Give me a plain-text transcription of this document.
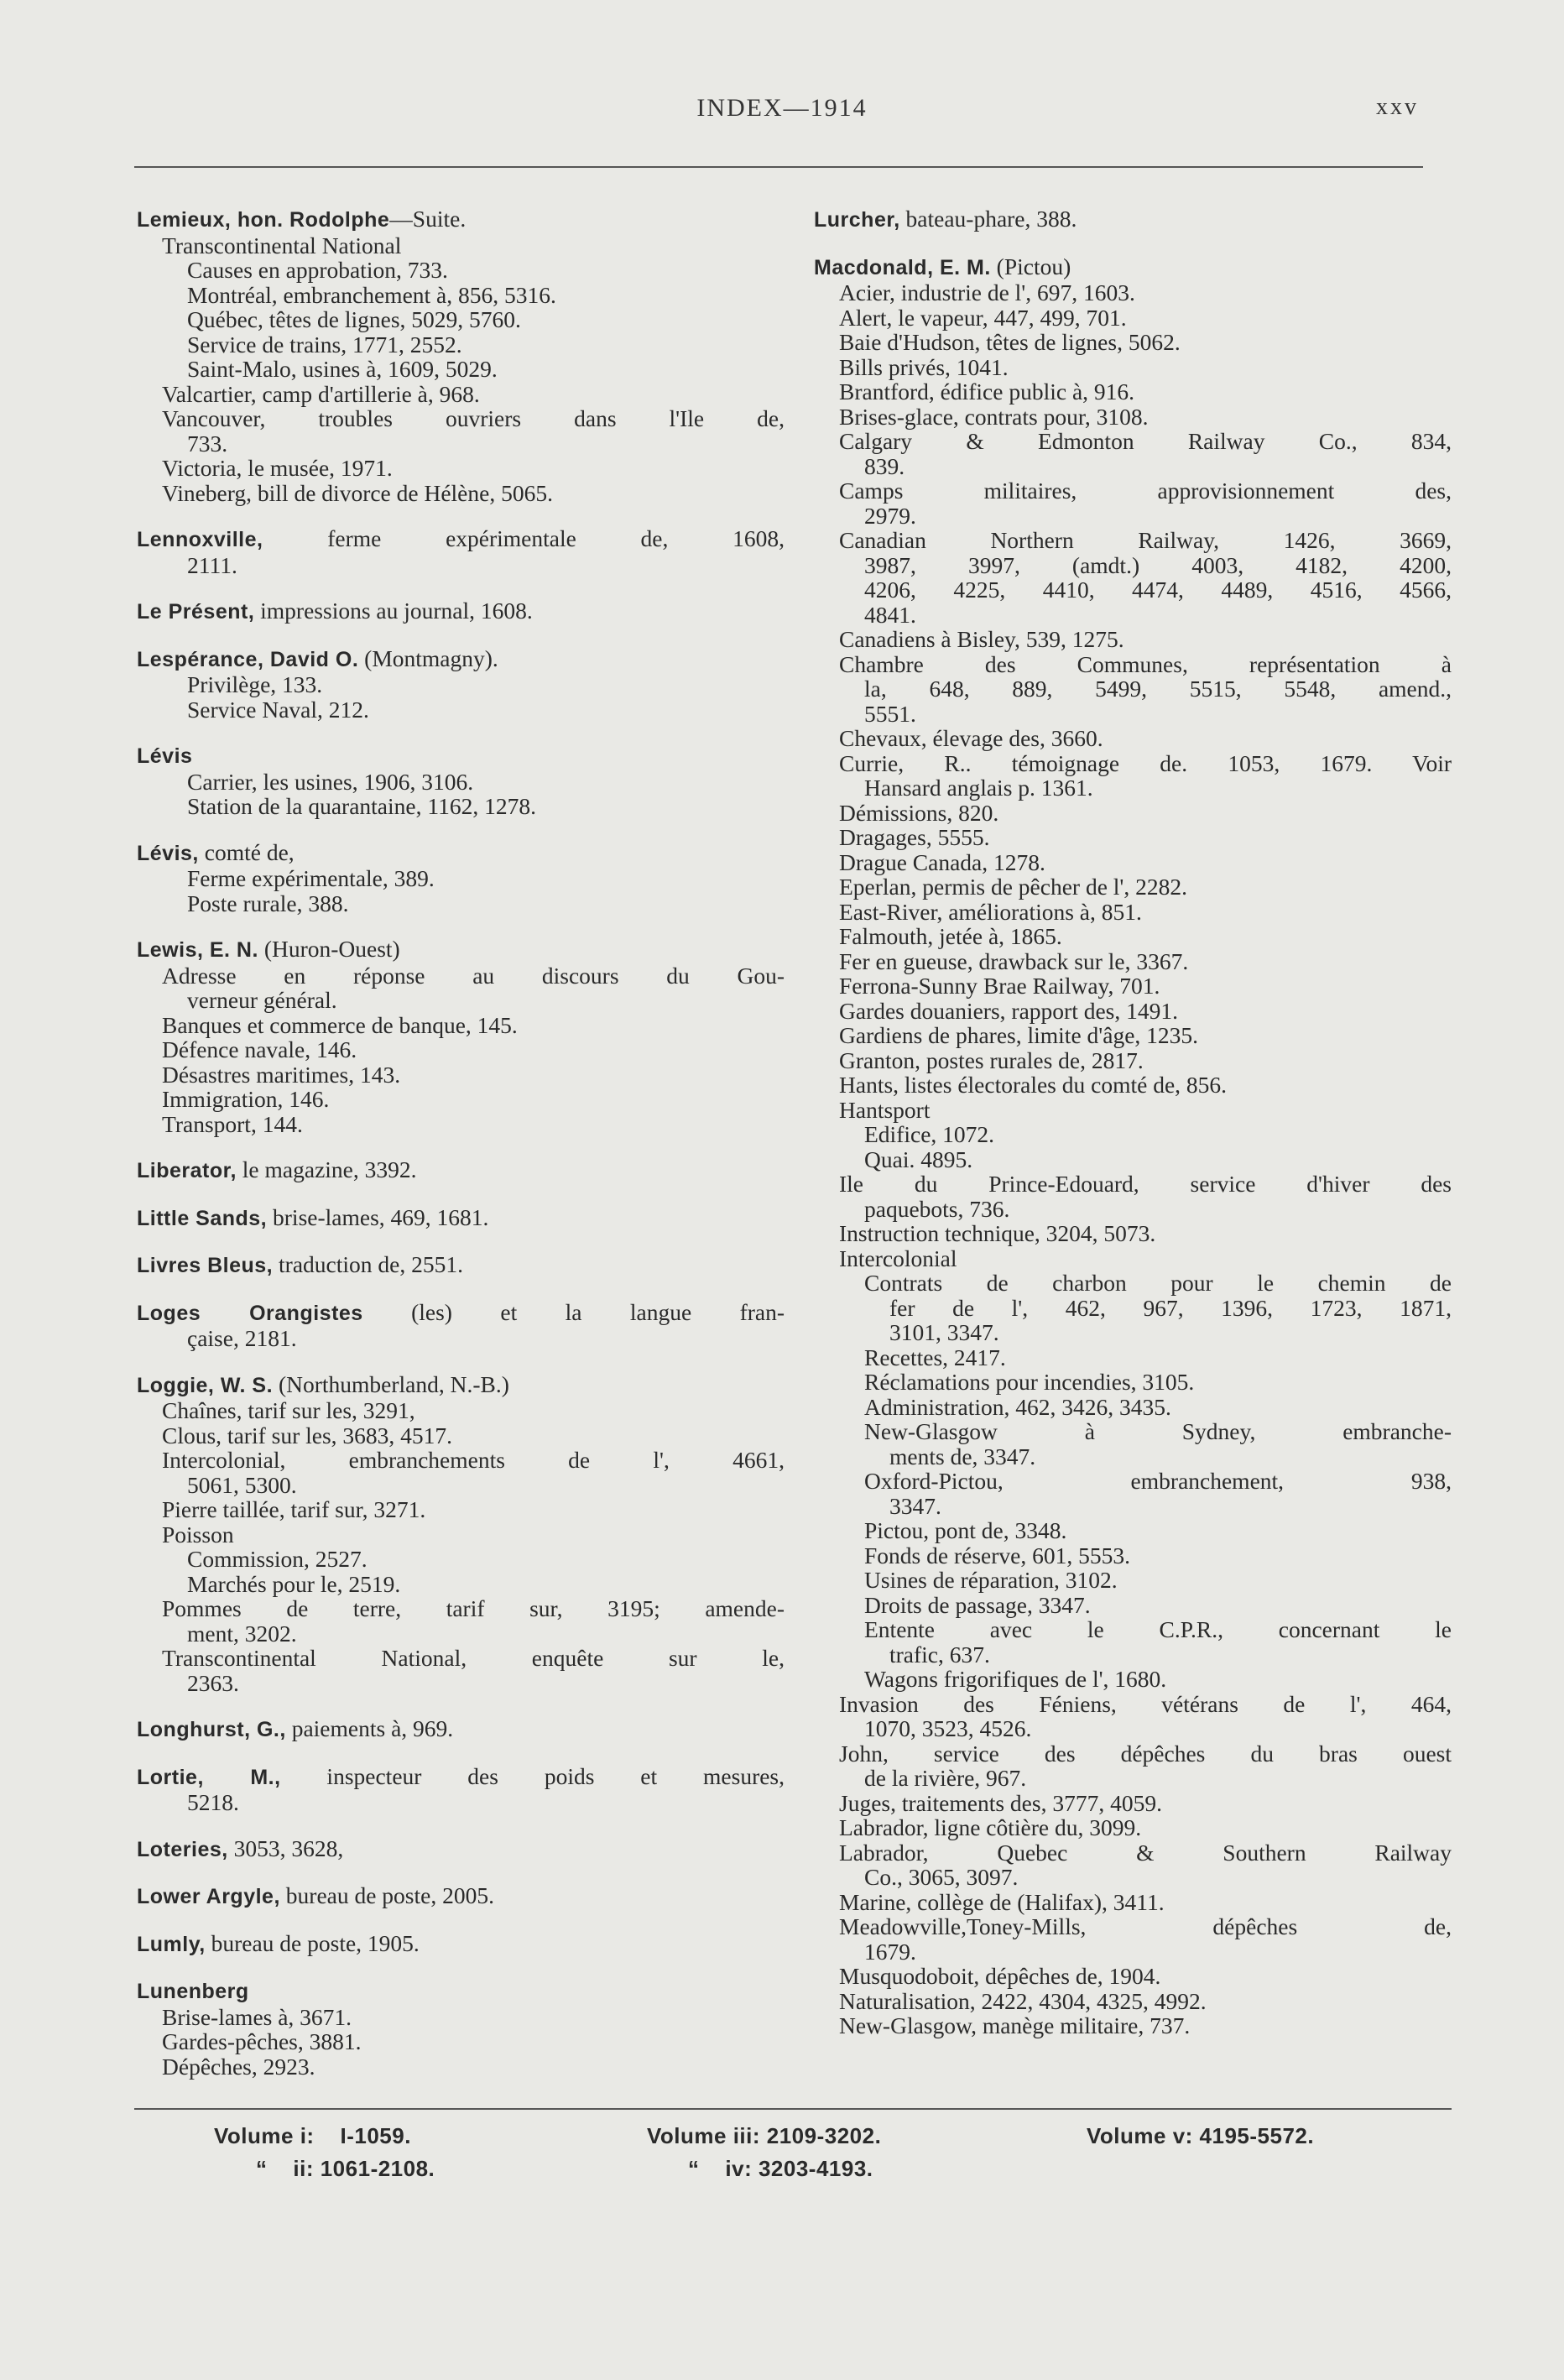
INDEX—1914	xxv
Lemieux, hon. Rodolphe—Suite.
Transcontinental National
Causes en approbation, 733.
Montréal, embranchement à, 856, 5316.
Québec, têtes de lignes, 5029, 5760.
Service de trains, 1771, 2552.
Saint-Malo, usines à, 1609, 5029.
Valcartier, camp d'artillerie à, 968.
Vancouver, troubles ouvriers dans l'Ile de,
733.
Victoria, le musée, 1971.
Vineberg, bill de divorce de Hélène, 5065.
Lennoxville, ferme expérimentale de, 1608,
2111.
Le Présent, impressions au journal, 1608.
Lespérance, David O. (Montmagny).
Privilège, 133.
Service Naval, 212.
Lévis
Carrier, les usines, 1906, 3106.
Station de la quarantaine, 1162, 1278.
Lévis, comté de,
Ferme expérimentale, 389.
Poste rurale, 388.
Lewis, E. N. (Huron-Ouest)
Adresse en réponse au discours du Gou-
verneur général.
Banques et commerce de banque, 145.
Défence navale, 146.
Désastres maritimes, 143.
Immigration, 146.
Transport, 144.
Liberator, le magazine, 3392.
Little Sands, brise-lames, 469, 1681.
Livres Bleus, traduction de, 2551.
Loges Orangistes (les) et la langue fran-
çaise, 2181.
Loggie, W. S. (Northumberland, N.-B.)
Chaînes, tarif sur les, 3291,
Clous, tarif sur les, 3683, 4517.
Intercolonial, embranchements de l', 4661,
5061, 5300.
Pierre taillée, tarif sur, 3271.
Poisson
Commission, 2527.
Marchés pour le, 2519.
Pommes de terre, tarif sur, 3195; amende-
ment, 3202.
Transcontinental National, enquête sur le,
2363.
Longhurst, G., paiements à, 969.
Lortie, M., inspecteur des poids et mesures,
5218.
Loteries, 3053, 3628,
Lower Argyle, bureau de poste, 2005.
Lumly, bureau de poste, 1905.
Lunenberg
Brise-lames à, 3671.
Gardes-pêches, 3881.
Dépêches, 2923.
Lurcher, bateau-phare, 388.
Macdonald, E. M. (Pictou)
Acier, industrie de l', 697, 1603.
Alert, le vapeur, 447, 499, 701.
Baie d'Hudson, têtes de lignes, 5062.
Bills privés, 1041.
Brantford, édifice public à, 916.
Brises-glace, contrats pour, 3108.
Calgary & Edmonton Railway Co., 834,
839.
Camps militaires, approvisionnement des,
2979.
Canadian Northern Railway, 1426, 3669,
3987, 3997, (amdt.) 4003, 4182, 4200,
4206, 4225, 4410, 4474, 4489, 4516, 4566,
4841.
Canadiens à Bisley, 539, 1275.
Chambre des Communes, représentation à
la, 648, 889, 5499, 5515, 5548, amend.,
5551.
Chevaux, élevage des, 3660.
Currie, R.. témoignage de. 1053, 1679. Voir
Hansard anglais p. 1361.
Démissions, 820.
Dragages, 5555.
Drague Canada, 1278.
Eperlan, permis de pêcher de l', 2282.
East-River, améliorations à, 851.
Falmouth, jetée à, 1865.
Fer en gueuse, drawback sur le, 3367.
Ferrona-Sunny Brae Railway, 701.
Gardes douaniers, rapport des, 1491.
Gardiens de phares, limite d'âge, 1235.
Granton, postes rurales de, 2817.
Hants, listes électorales du comté de, 856.
Hantsport
Edifice, 1072.
Quai. 4895.
Ile du Prince-Edouard, service d'hiver des
paquebots, 736.
Instruction technique, 3204, 5073.
Intercolonial
Contrats de charbon pour le chemin de
fer de l', 462, 967, 1396, 1723, 1871,
3101, 3347.
Recettes, 2417.
Réclamations pour incendies, 3105.
Administration, 462, 3426, 3435.
New-Glasgow à Sydney, embranche-
ments de, 3347.
Oxford-Pictou, embranchement, 938,
3347.
Pictou, pont de, 3348.
Fonds de réserve, 601, 5553.
Usines de réparation, 3102.
Droits de passage, 3347.
Entente avec le C.P.R., concernant le
trafic, 637.
Wagons frigorifiques de l', 1680.
Invasion des Féniens, vétérans de l', 464,
1070, 3523, 4526.
John, service des dépêches du bras ouest
de la rivière, 967.
Juges, traitements des, 3777, 4059.
Labrador, ligne côtière du, 3099.
Labrador, Quebec & Southern Railway
Co., 3065, 3097.
Marine, collège de (Halifax), 3411.
Meadowville,Toney-Mills, dépêches de,
1679.
Musquodoboit, dépêches de, 1904.
Naturalisation, 2422, 4304, 4325, 4992.
New-Glasgow, manège militaire, 737.
Volume i:    I-1059.
“    ii: 1061-2108.
Volume iii: 2109-3202.
“    iv: 3203-4193.
Volume v: 4195-5572.
